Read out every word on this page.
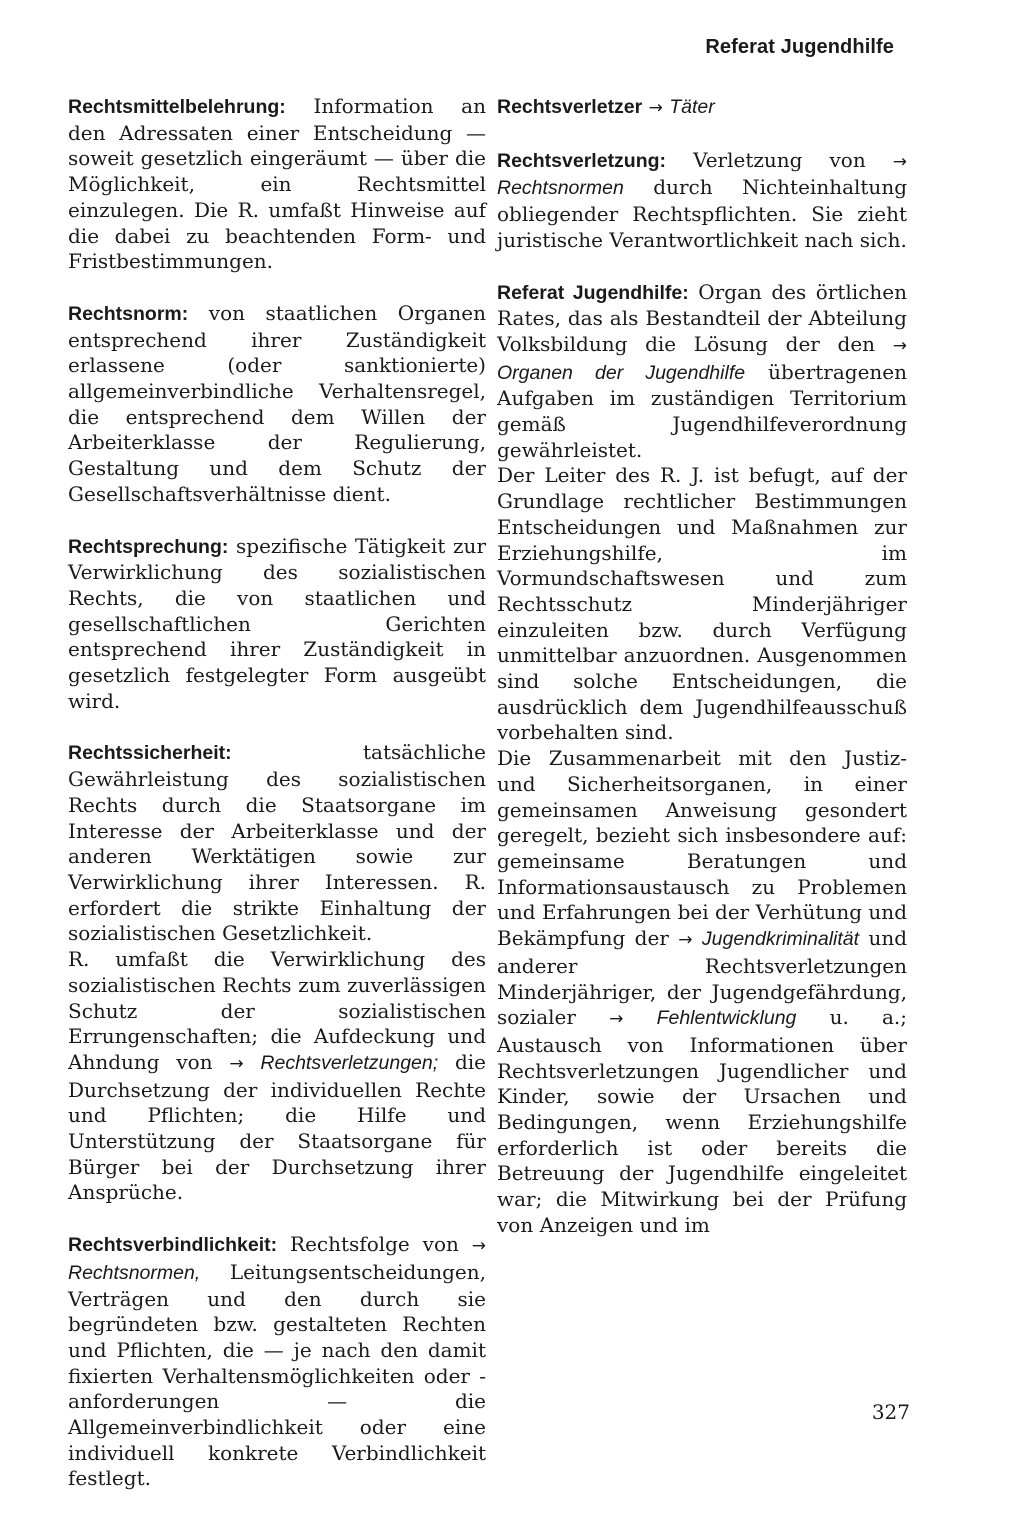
Referat Jugendhilfe

Rechtsmittelbelehrung: Information an den Adressaten einer Entscheidung — soweit gesetzlich eingeräumt — über die Möglichkeit, ein Rechtsmittel einzulegen. Die R. umfaßt Hinweise auf die dabei zu beachtenden Form- und Fristbestimmungen.

Rechtsnorm: von staatlichen Organen entsprechend ihrer Zuständigkeit erlassene (oder sanktionierte) allgemeinverbindliche Verhaltensregel, die entsprechend dem Willen der Arbeiterklasse der Regulierung, Gestaltung und dem Schutz der Gesellschaftsverhältnisse dient.

Rechtsprechung: spezifische Tätigkeit zur Verwirklichung des sozialistischen Rechts, die von staatlichen und gesellschaftlichen Gerichten entsprechend ihrer Zuständigkeit in gesetzlich festgelegter Form ausgeübt wird.

Rechtssicherheit:	tatsächliche Gewährleistung des sozialistischen Rechts durch die Staatsorgane im Interesse der Arbeiterklasse und der anderen Werktätigen sowie zur Verwirklichung ihrer Interessen. R. erfordert die strikte Einhaltung der sozialistischen Gesetzlichkeit.

R. umfaßt die Verwirklichung des sozialistischen Rechts zum zuverlässigen Schutz der sozialistischen Errungenschaften; die Aufdeckung und Ahndung von → Rechtsverletzungen; die Durchsetzung der individuellen Rechte und Pflichten; die Hilfe und Unterstützung der Staatsorgane für Bürger bei der Durchsetzung ihrer Ansprüche.

Rechtsverbindlichkeit: Rechtsfolge von → Rechtsnormen, Leitungsentscheidungen, Verträgen und den durch sie begründeten bzw. gestalteten Rechten und Pflichten, die — je nach den damit fixierten Verhaltensmöglichkeiten oder -anforderungen — die Allgemeinverbindlichkeit oder eine individuell konkrete Verbindlichkeit festlegt.

Rechtsverletzer → Täter

Rechtsverletzung: Verletzung von → Rechtsnormen durch Nichteinhaltung obliegender Rechtspflichten. Sie zieht juristische Verantwortlichkeit nach sich.

Referat Jugendhilfe: Organ des örtlichen Rates, das als Bestandteil der Abteilung Volksbildung die Lösung der den → Organen der Jugendhilfe übertragenen Aufgaben im zuständigen Territorium gemäß Jugendhilfeverordnung gewährleistet.

Der Leiter des R. J. ist befugt, auf der Grundlage rechtlicher Bestimmungen Entscheidungen und Maßnahmen zur Erziehungshilfe, im Vormundschaftswesen und zum Rechtsschutz Minderjähriger einzuleiten bzw. durch Verfügung unmittelbar anzuordnen. Ausgenommen sind solche Entscheidungen, die ausdrücklich dem Jugendhilfeausschuß vorbehalten sind.

Die Zusammenarbeit mit den Justiz- und Sicherheitsorganen, in einer gemeinsamen Anweisung gesondert geregelt, bezieht sich insbesondere auf: gemeinsame Beratungen und Informationsaustausch zu Problemen und Erfahrungen bei der Verhütung und Bekämpfung der → Jugendkriminalität und anderer Rechtsverletzungen Minderjähriger, der Jugendgefährdung, sozialer → Fehlentwicklung u. a.; Austausch von Informationen über Rechtsverletzungen Jugendlicher und Kinder, sowie der Ursachen und Bedingungen, wenn Erziehungshilfe erforderlich ist oder bereits die Betreuung der Jugendhilfe eingeleitet war; die Mitwirkung bei der Prüfung von Anzeigen und im

327
